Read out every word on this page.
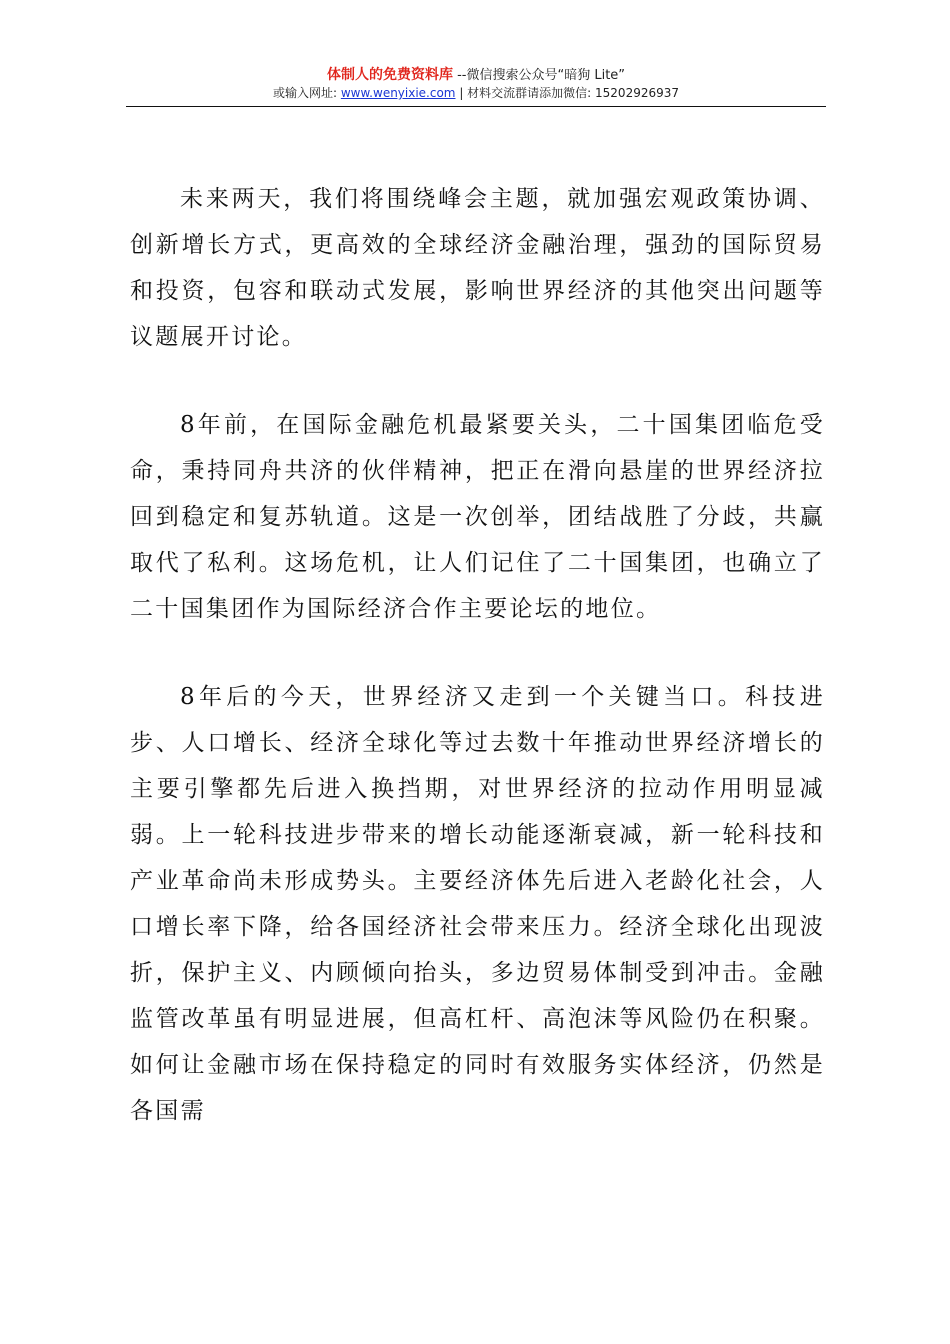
体制人的免费资料库 --微信搜索公众号“暗狗 Lite”
或输入网址: www.wenyixie.com | 材料交流群请添加微信: 15202926937

未来两天，我们将围绕峰会主题，就加强宏观政策协调、创新增长方式，更高效的全球经济金融治理，强劲的国际贸易和投资，包容和联动式发展，影响世界经济的其他突出问题等议题展开讨论。

8年前，在国际金融危机最紧要关头，二十国集团临危受命，秉持同舟共济的伙伴精神，把正在滑向悬崖的世界经济拉回到稳定和复苏轨道。这是一次创举，团结战胜了分歧，共赢取代了私利。这场危机，让人们记住了二十国集团，也确立了二十国集团作为国际经济合作主要论坛的地位。

8年后的今天，世界经济又走到一个关键当口。科技进步、人口增长、经济全球化等过去数十年推动世界经济增长的主要引擎都先后进入换挡期，对世界经济的拉动作用明显减弱。上一轮科技进步带来的增长动能逐渐衰减，新一轮科技和产业革命尚未形成势头。主要经济体先后进入老龄化社会，人口增长率下降，给各国经济社会带来压力。经济全球化出现波折，保护主义、内顾倾向抬头，多边贸易体制受到冲击。金融监管改革虽有明显进展，但高杠杆、高泡沫等风险仍在积聚。如何让金融市场在保持稳定的同时有效服务实体经济，仍然是各国需
